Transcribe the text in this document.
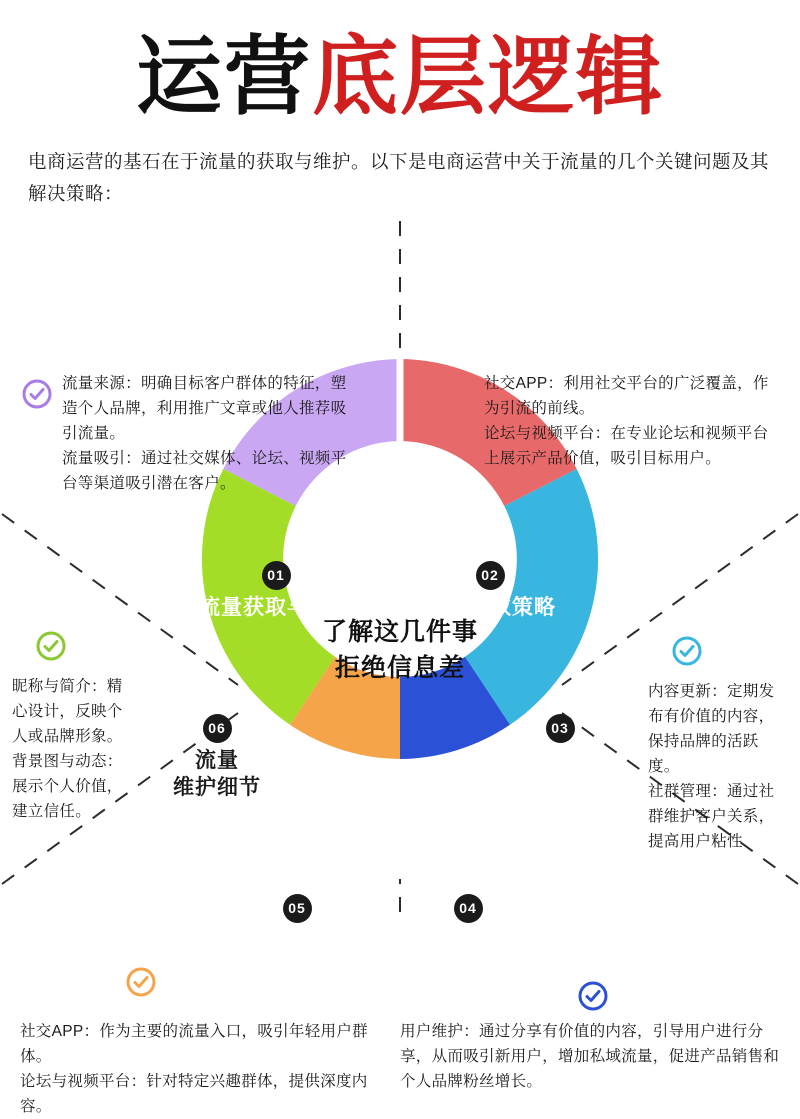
运营底层逻辑

电商运营的基石在于流量的获取与维护。以下是电商运营中关于流量的几个关键问题及其解决策略：

了解这几件事
拒绝信息差
01
流量获取与维护
02
流量获取策略
03
流量
维护方法
04
流量
裂变与分销
05
流量
来源分析
06
流量
维护细节
流量来源：明确目标客户群体的特征，塑造个人品牌，利用推广文章或他人推荐吸引流量。
流量吸引：通过社交媒体、论坛、视频平台等渠道吸引潜在客户。
社交APP：利用社交平台的广泛覆盖，作为引流的前线。
论坛与视频平台：在专业论坛和视频平台上展示产品价值，吸引目标用户。
内容更新：定期发布有价值的内容，保持品牌的活跃度。
社群管理：通过社群维护客户关系，提高用户粘性
昵称与简介：精心设计，反映个人或品牌形象。
背景图与动态：展示个人价值，建立信任。
社交APP：作为主要的流量入口，吸引年轻用户群体。
论坛与视频平台：针对特定兴趣群体，提供深度内容。
用户维护：通过分享有价值的内容，引导用户进行分享，从而吸引新用户，增加私域流量，促进产品销售和个人品牌粉丝增长。
